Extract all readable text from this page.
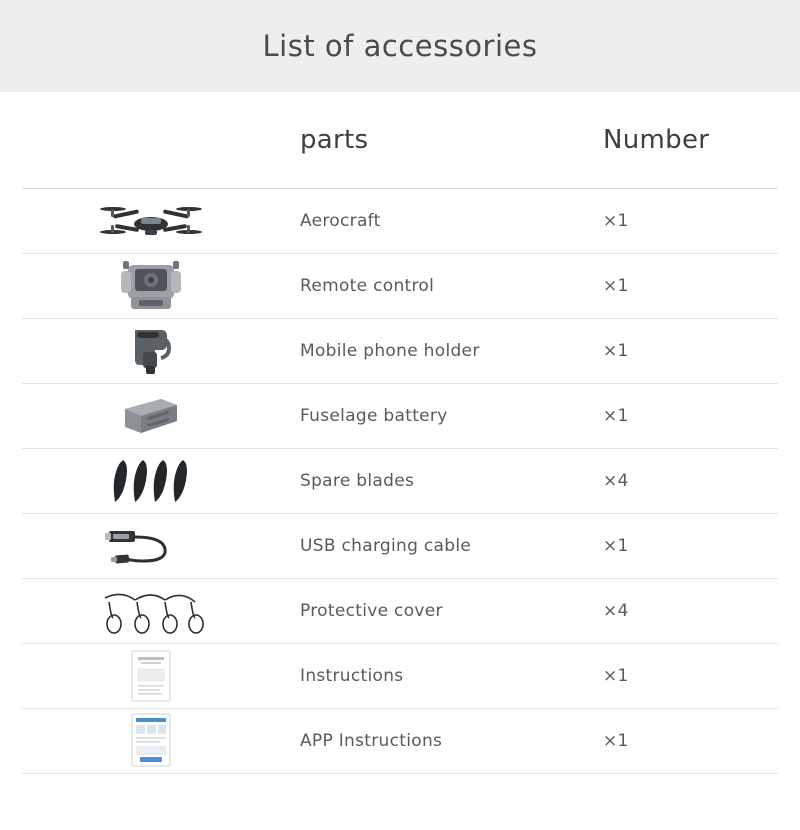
List of accessories
parts	Number
Aerocraft	×1
Remote control	×1
Mobile phone holder	×1
Fuselage battery	×1
Spare blades	×4
USB charging cable	×1
Protective cover	×4
Instructions	×1
APP Instructions	×1
